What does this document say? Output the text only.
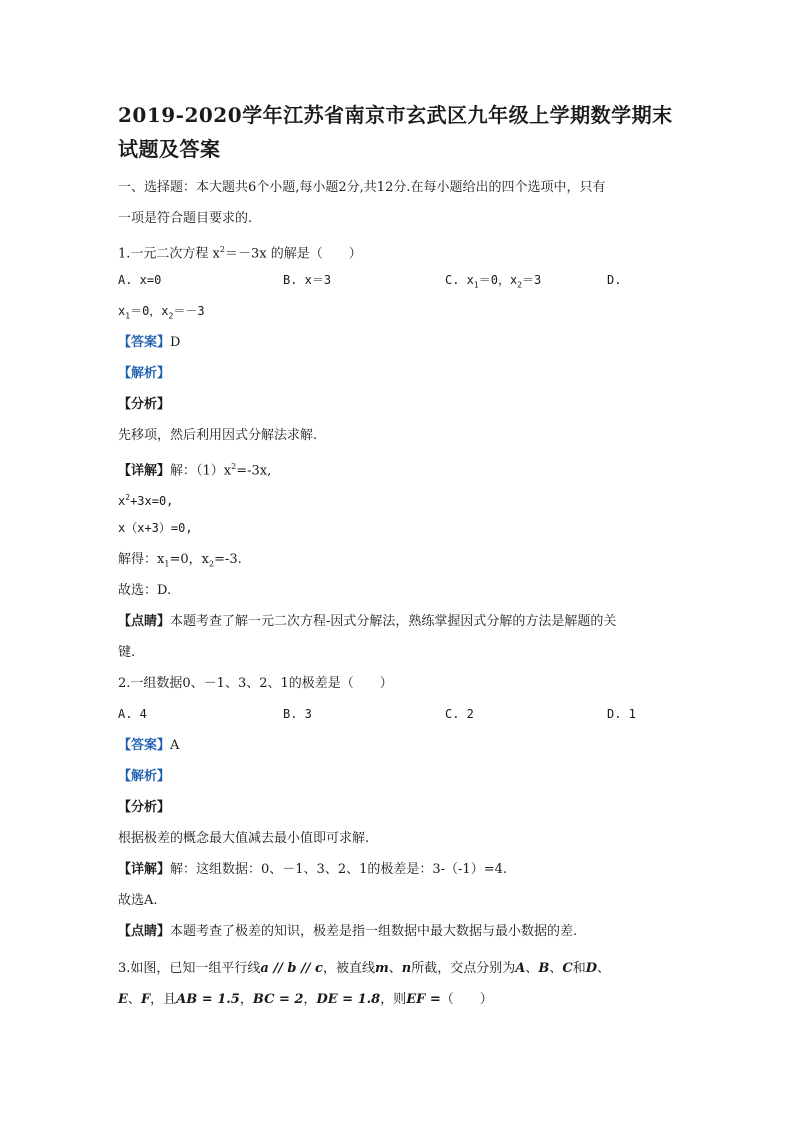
2019-2020学年江苏省南京市玄武区九年级上学期数学期末
试题及答案
一、选择题：本大题共6个小题,每小题2分,共12分.在每小题给出的四个选项中，只有
一项是符合题目要求的.
1.一元二次方程 $x^2=-3x$ 的解是（　　）
A. x=0	B. x＝3	C. $x_1=0$，$x_2=3$	D.
$x_1=0$，$x_2=-3$
【答案】D
【解析】
【分析】
先移项，然后利用因式分解法求解.
【详解】解：$(1)x^2=-3x$,
$x^2+3x=0$,
x（x+3）=0,
解得：$x_1=0$，$x_2=-3$.
故选：D.
【点睛】本题考查了解一元二次方程-因式分解法，熟练掌握因式分解的方法是解题的关
键.
2.一组数据0、－1、3、2、1的极差是（　　）
A. 4	B. 3	C. 2	D. 1
【答案】A
【解析】
【分析】
根据极差的概念最大值减去最小值即可求解.
【详解】解：这组数据：0、－1、3、2、1的极差是：3-（-1）=4.
故选A.
【点睛】本题考查了极差的知识，极差是指一组数据中最大数据与最小数据的差.
3.如图，已知一组平行线a // b // c，被直线m、n所截，交点分别为A、B、C和D、
E、F，且AB = 1.5，BC = 2，DE = 1.8，则EF =（　　）
